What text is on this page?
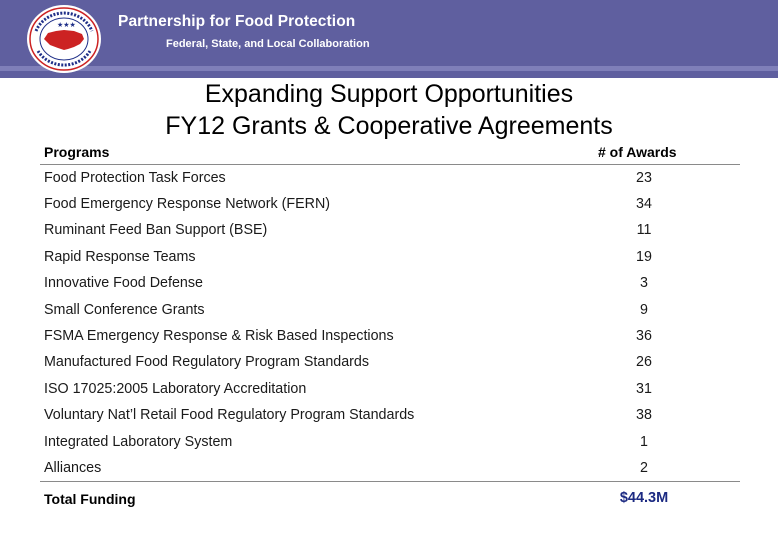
★★★	Partnership for Food Protection
Federal, State, and Local Collaboration
Expanding Support Opportunities
FY12 Grants & Cooperative Agreements
Programs	# of Awards
Food Protection Task Forces	23
Food Emergency Response Network (FERN)	34
Ruminant Feed Ban Support (BSE)	11
Rapid Response Teams	19
Innovative Food Defense	3
Small Conference Grants	9
FSMA Emergency Response & Risk Based Inspections	36
Manufactured Food Regulatory Program Standards	26
ISO 17025:2005 Laboratory Accreditation	31
Voluntary Nat’l Retail Food Regulatory Program Standards	38
Integrated Laboratory System	1
Alliances	2
Total Funding	$44.3M
